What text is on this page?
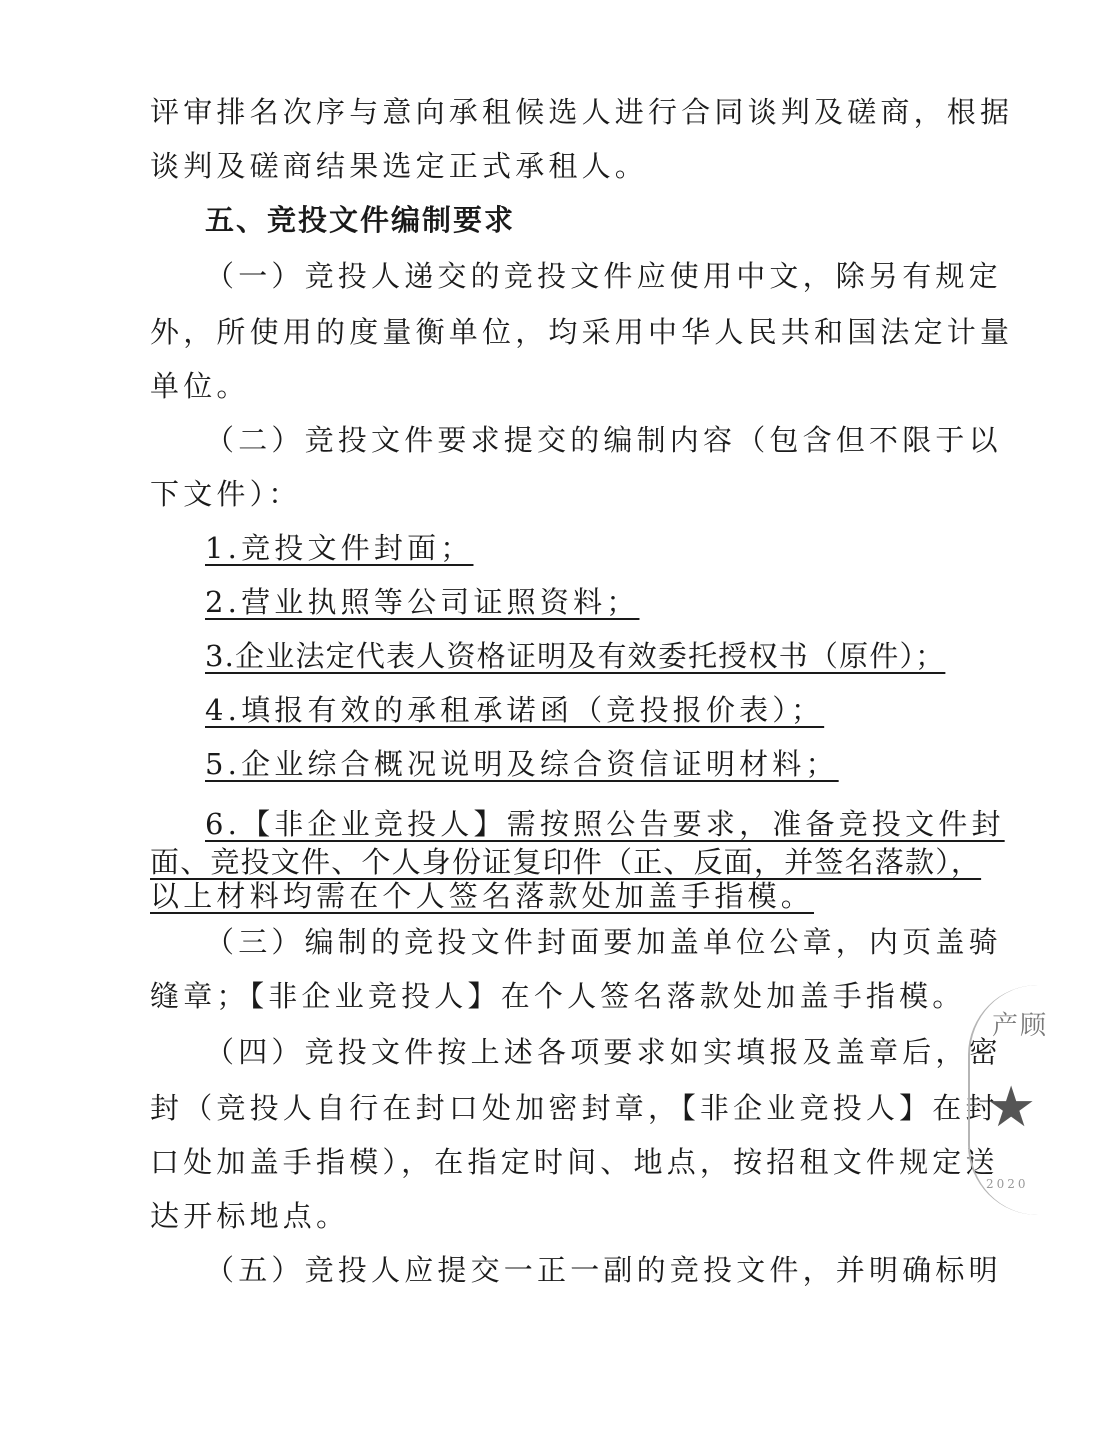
评审排名次序与意向承租候选人进行合同谈判及磋商，根据
谈判及磋商结果选定正式承租人。
五、竞投文件编制要求
（一）竞投人递交的竞投文件应使用中文，除另有规定
外，所使用的度量衡单位，均采用中华人民共和国法定计量
单位。
（二）竞投文件要求提交的编制内容（包含但不限于以
下文件）：
1.竞投文件封面；
2.营业执照等公司证照资料；
3.企业法定代表人资格证明及有效委托授权书（原件）；
4.填报有效的承租承诺函（竞投报价表）；
5.企业综合概况说明及综合资信证明材料；
6.【非企业竞投人】需按照公告要求，准备竞投文件封
面、竞投文件、个人身份证复印件（正、反面，并签名落款），
以上材料均需在个人签名落款处加盖手指模。
（三）编制的竞投文件封面要加盖单位公章，内页盖骑
缝章；【非企业竞投人】在个人签名落款处加盖手指模。
（四）竞投文件按上述各项要求如实填报及盖章后，密
封（竞投人自行在封口处加密封章，【非企业竞投人】在封
口处加盖手指模），在指定时间、地点，按招租文件规定送
达开标地点。
（五）竞投人应提交一正一副的竞投文件，并明确标明
产顾
★
2020
